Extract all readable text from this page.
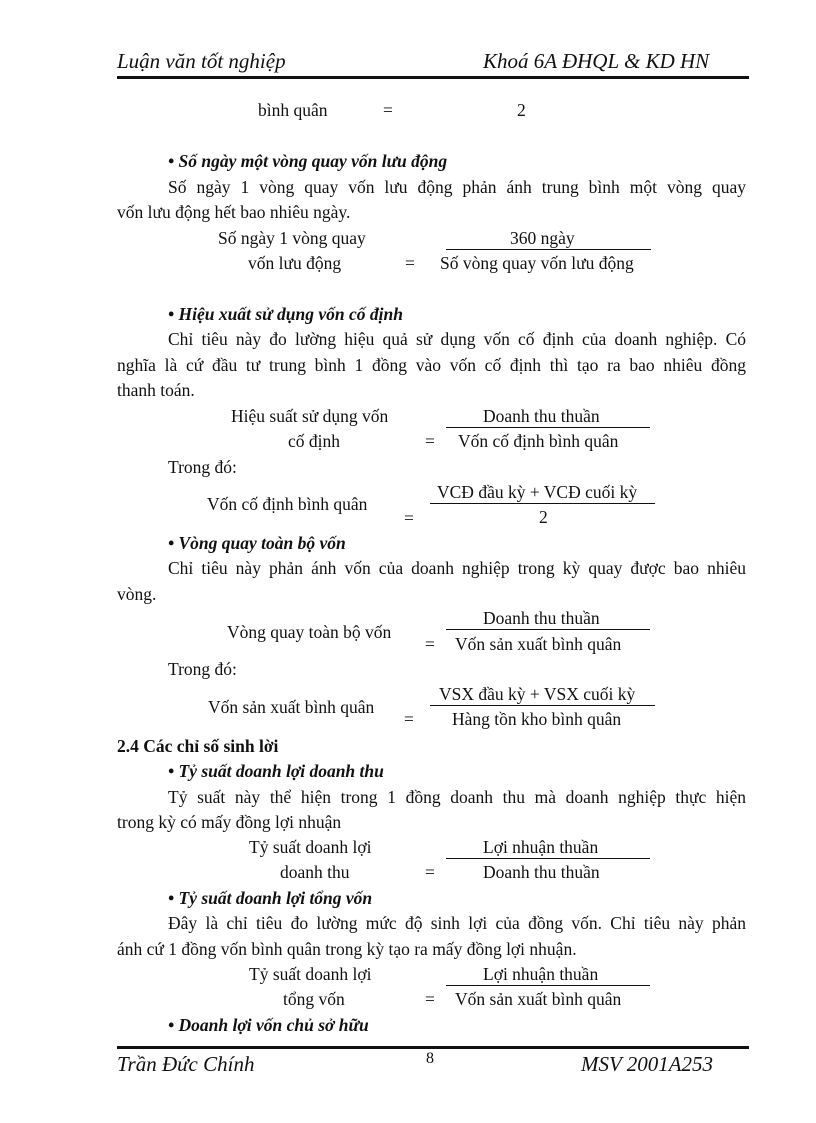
Luận văn tốt nghiệp	Khoá 6A ĐHQL & KD HN
bình quân	=	2
• Số ngày một vòng quay vốn lưu động
Số ngày 1 vòng quay vốn lưu động phản ánh trung bình một vòng quay
vốn lưu động hết bao nhiêu ngày.
Số ngày 1 vòng quay
vốn lưu động	=
360 ngày
Số vòng quay vốn lưu động
• Hiệu xuất sử dụng vốn cố định
Chỉ tiêu này đo lường hiệu quả sử dụng vốn cố định của doanh nghiệp. Có
nghĩa là cứ đầu tư trung bình 1 đồng vào vốn cố định thì tạo ra bao nhiêu đồng
thanh toán.
Hiệu suất sử dụng vốn
cố định	=
Doanh thu thuần
Vốn cố định bình quân
Trong đó:
Vốn cố định bình quân
=
VCĐ đầu kỳ + VCĐ cuối kỳ
2
• Vòng quay toàn bộ vốn
Chỉ tiêu này phản ánh vốn của doanh nghiệp trong kỳ quay được bao nhiêu
vòng.
Vòng quay toàn bộ vốn
=
Doanh thu thuần
Vốn sản xuất bình quân
Trong đó:
Vốn sản xuất bình quân
=
VSX đầu kỳ + VSX cuối kỳ
Hàng tồn kho bình quân
2.4 Các chỉ số sinh lời
• Tỷ suất doanh lợi doanh thu
Tỷ suất này thể hiện trong 1 đồng doanh thu mà doanh nghiệp thực hiện
trong kỳ có mấy đồng lợi nhuận
Tỷ suất doanh lợi
doanh thu	=
Lợi nhuận thuần
Doanh thu thuần
• Tỷ suất doanh lợi tổng vốn
Đây là chỉ tiêu đo lường mức độ sinh lợi của đồng vốn. Chỉ tiêu này phản
ánh cứ 1 đồng vốn bình quân trong kỳ tạo ra mấy đồng lợi nhuận.
Tỷ suất doanh lợi
tổng vốn	=
Lợi nhuận thuần
Vốn sản xuất bình quân
• Doanh lợi vốn chủ sở hữu
Trần Đức Chính	8	MSV 2001A253
